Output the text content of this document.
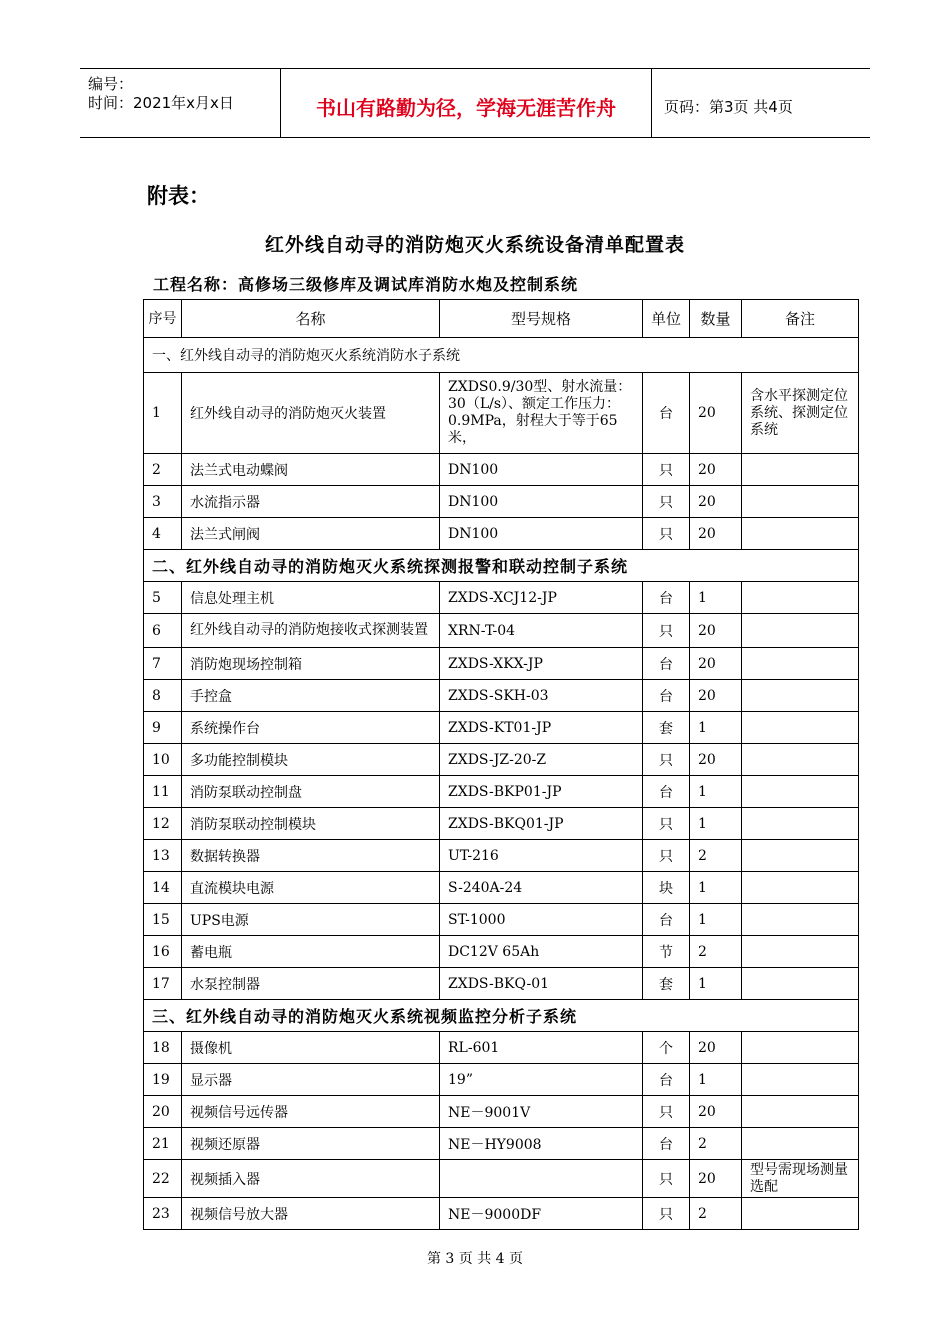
编号：
时间：2021年x月x日	书山有路勤为径，学海无涯苦作舟	页码：第3页 共4页
附表：
红外线自动寻的消防炮灭火系统设备清单配置表
工程名称：高修场三级修库及调试库消防水炮及控制系统
序号	名称	型号规格	单位	数量	备注
一、红外线自动寻的消防炮灭火系统消防水子系统					
1	红外线自动寻的消防炮灭火装置	ZXDS0.9/30型、射水流量：30（L/s）、额定工作压力：0.9MPa，射程大于等于65米，	台	20	含水平探测定位系统、探测定位系统
2	法兰式电动蝶阀	DN100	只	20	
3	水流指示器	DN100	只	20	
4	法兰式闸阀	DN100	只	20	
二、红外线自动寻的消防炮灭火系统探测报警和联动控制子系统					
5	信息处理主机	ZXDS-XCJ12-JP	台	1	
6	红外线自动寻的消防炮接收式探测装置	XRN-T-04	只	20	
7	消防炮现场控制箱	ZXDS-XKX-JP	台	20	
8	手控盒	ZXDS-SKH-03	台	20	
9	系统操作台	ZXDS-KT01-JP	套	1	
10	多功能控制模块	ZXDS-JZ-20-Z	只	20	
11	消防泵联动控制盘	ZXDS-BKP01-JP	台	1	
12	消防泵联动控制模块	ZXDS-BKQ01-JP	只	1	
13	数据转换器	UT-216	只	2	
14	直流模块电源	S-240A-24	块	1	
15	UPS电源	ST-1000	台	1	
16	蓄电瓶	DC12V 65Ah	节	2	
17	水泵控制器	ZXDS-BKQ-01	套	1	
三、红外线自动寻的消防炮灭火系统视频监控分析子系统					
18	摄像机	RL-601	个	20	
19	显示器	19”	台	1	
20	视频信号远传器	NE－9001V	只	20	
21	视频还原器	NE－HY9008	台	2	
22	视频插入器		只	20	型号需现场测量选配
23	视频信号放大器	NE－9000DF	只	2	
第 3 页 共 4 页
